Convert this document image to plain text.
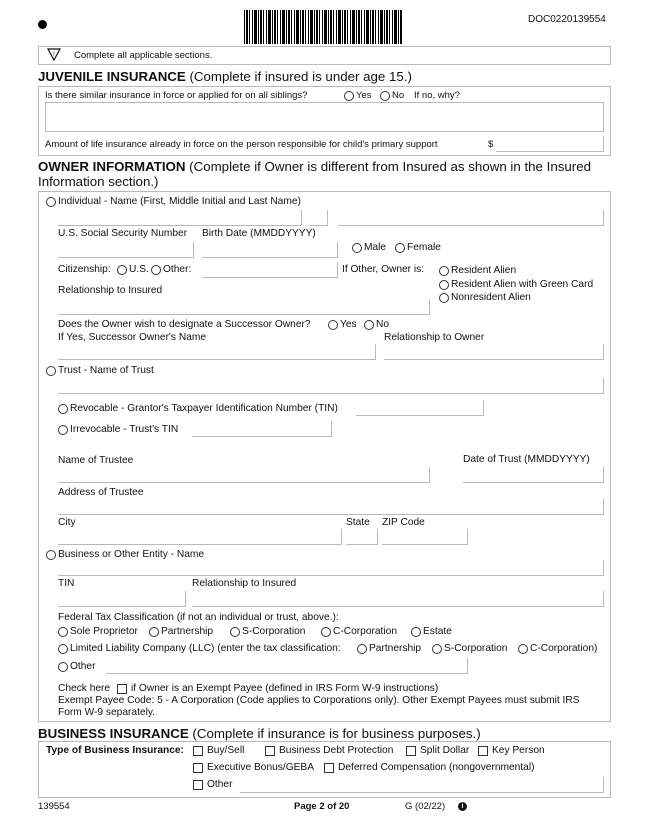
DOC0220139554
! Complete all applicable sections.
JUVENILE INSURANCE (Complete if insured is under age 15.)
Is there similar insurance in force or applied for on all siblings?	Yes No If no, why?
Amount of life insurance already in force on the person responsible for child's primary support	$
OWNER INFORMATION (Complete if Owner is different from Insured as shown in the Insured
Information section.)
Individual - Name (First, Middle Initial and Last Name)
U.S. Social Security Number Birth Date (MMDDYYYY)
Male Female
Citizenship: U.S. Other:	If Other, Owner is:	Resident Alien
Resident Alien with Green Card
Nonresident Alien
Relationship to Insured
Does the Owner wish to designate a Successor Owner?	Yes No
If Yes, Successor Owner's Name	Relationship to Owner
Trust - Name of Trust
Revocable - Grantor's Taxpayer Identification Number (TIN)
Irrevocable - Trust's TIN
Name of Trustee	Date of Trust (MMDDYYYY)
Address of Trustee
City	State ZIP Code
Business or Other Entity - Name
TIN	Relationship to Insured
Federal Tax Classification (if not an individual or trust, above.):
Sole Proprietor Partnership	S-Corporation	C-Corporation	Estate
Limited Liability Company (LLC) (enter the tax classification:	Partnership S-Corporation C-Corporation)
Other
Check here if Owner is an Exempt Payee (defined in IRS Form W-9 instructions)
Exempt Payee Code: 5 - A Corporation (Code applies to Corporations only). Other Exempt Payees must submit IRS
Form W-9 separately.
BUSINESS INSURANCE (Complete if insurance is for business purposes.)
Type of Business Insurance: Buy/Sell	Business Debt Protection	Split Dollar Key Person
Executive Bonus/GEBA Deferred Compensation (nongovernmental)
Other
139554	Page 2 of 20	G (02/22)	i
